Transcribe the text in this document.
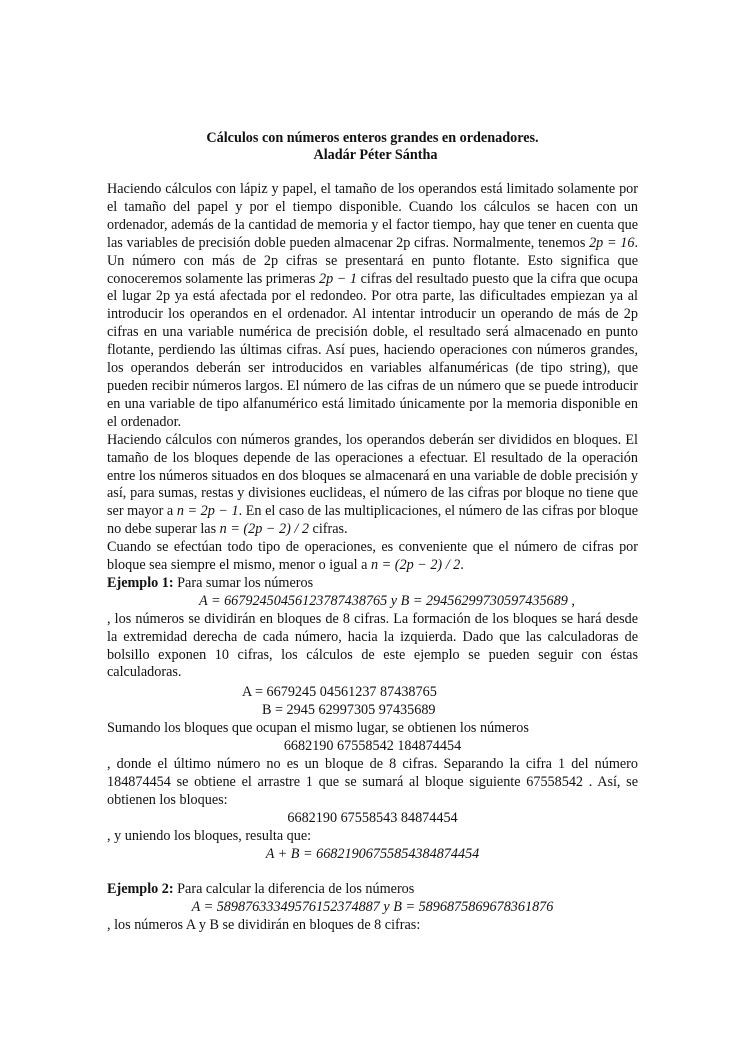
Cálculos con números enteros grandes en ordenadores.

Aladár Péter Sántha

Haciendo cálculos con lápiz y papel, el tamaño de los operandos está limitado solamente por el tamaño del papel y por el tiempo disponible. Cuando los cálculos se hacen con un ordenador, además de la cantidad de memoria y el factor tiempo, hay que tener en cuenta que las variables de precisión doble pueden almacenar 2p cifras. Normalmente, tenemos 2p = 16. Un número con más de 2p cifras se presentará en punto flotante. Esto significa que conoceremos solamente las primeras 2p − 1 cifras del resultado puesto que la cifra que ocupa el lugar 2p ya está afectada por el redondeo. Por otra parte, las dificultades empiezan ya al introducir los operandos en el ordenador. Al intentar introducir un operando de más de 2p cifras en una variable numérica de precisión doble, el resultado será almacenado en punto flotante, perdiendo las últimas cifras. Así pues, haciendo operaciones con números grandes, los operandos deberán ser introducidos en variables alfanuméricas (de tipo string), que pueden recibir números largos. El número de las cifras de un número que se puede introducir en una variable de tipo alfanumérico está limitado únicamente por la memoria disponible en el ordenador.

Haciendo cálculos con números grandes, los operandos deberán ser divididos en bloques. El tamaño de los bloques depende de las operaciones a efectuar. El resultado de la operación entre los números situados en dos bloques se almacenará en una variable de doble precisión y así, para sumas, restas y divisiones euclideas, el número de las cifras por bloque no tiene que ser mayor a n = 2p − 1. En el caso de las multiplicaciones, el número de las cifras por bloque no debe superar las n = (2p − 2) / 2 cifras.

Cuando se efectúan todo tipo de operaciones, es conveniente que el número de cifras por bloque sea siempre el mismo, menor o igual a n = (2p − 2) / 2.

Ejemplo 1: Para sumar los números

A = 66792450456123787438765 y B = 29456299730597435689 ,

, los números se dividirán en bloques de 8 cifras. La formación de los bloques se hará desde la extremidad derecha de cada número, hacia la izquierda. Dado que las calculadoras de bolsillo exponen 10 cifras, los cálculos de este ejemplo se pueden seguir con éstas calculadoras.

A = 6679245 04561237 87438765

B = 2945 62997305 97435689

Sumando los bloques que ocupan el mismo lugar, se obtienen los números

6682190 67558542 184874454

, donde el último número no es un bloque de 8 cifras. Separando la cifra 1 del número 184874454 se obtiene el arrastre 1 que se sumará al bloque siguiente 67558542 . Así, se obtienen los bloques:

6682190 67558543 84874454

, y uniendo los bloques, resulta que:

A + B = 66821906755854384874454

Ejemplo 2: Para calcular la diferencia de los números

A = 58987633349576152374887 y B = 5896875869678361876

, los números A y B se dividirán en bloques de 8 cifras:
